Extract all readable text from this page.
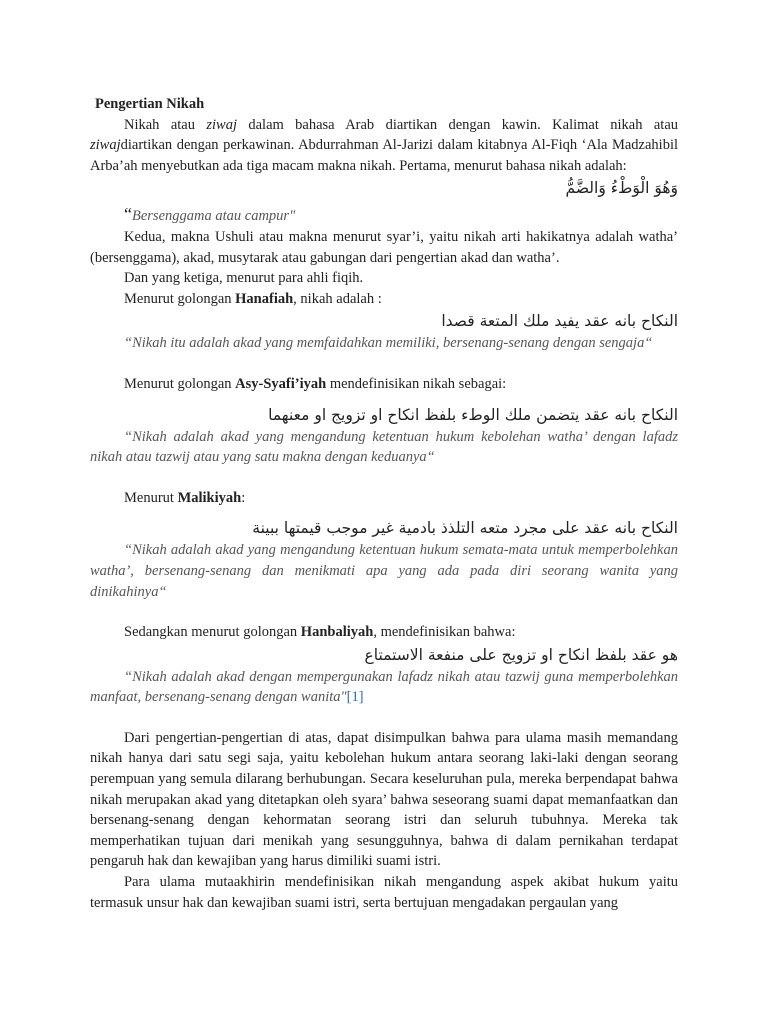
Pengertian Nikah

Nikah atau ziwaj dalam bahasa Arab diartikan dengan kawin. Kalimat nikah atau ziwajdiartikan dengan perkawinan. Abdurrahman Al-Jarizi dalam kitabnya Al-Fiqh ‘Ala Madzahibil Arba’ah menyebutkan ada tiga macam makna nikah. Pertama, menurut bahasa nikah adalah:

وَهُوَ الْوَطْءُ وَالضَّمُّ

“Bersenggama atau campur"

Kedua, makna Ushuli atau makna menurut syar’i, yaitu nikah arti hakikatnya adalah watha’ (bersenggama), akad, musytarak atau gabungan dari pengertian akad dan watha’.

Dan yang ketiga, menurut para ahli fiqih.

Menurut golongan Hanafiah, nikah adalah :

النكاح بانه عقد يفيد ملك المتعة قصدا

“Nikah itu adalah akad yang memfaidahkan memiliki, bersenang-senang dengan sengaja“

Menurut golongan Asy-Syafi’iyah mendefinisikan nikah sebagai:

النكاح بانه عقد يتضمن ملك الوطء بلفظ انكاح او تزويج او معنهما

“Nikah adalah akad yang mengandung ketentuan hukum kebolehan watha’ dengan lafadz nikah atau tazwij atau yang satu makna dengan keduanya“

Menurut Malikiyah:

النكاح بانه عقد على مجرد متعه التلذذ بادمية غير موجب قيمتها ببينة

“Nikah adalah akad yang mengandung ketentuan hukum semata-mata untuk memperbolehkan watha’, bersenang-senang dan menikmati apa yang ada pada diri seorang wanita yang dinikahinya“

Sedangkan menurut golongan Hanbaliyah, mendefinisikan bahwa:

هو عقد بلفظ انكاح او تزويج على منفعة الاستمتاع

“Nikah adalah akad dengan mempergunakan lafadz nikah atau tazwij guna memperbolehkan manfaat, bersenang-senang dengan wanita"[1]

Dari pengertian-pengertian di atas, dapat disimpulkan bahwa para ulama masih memandang nikah hanya dari satu segi saja, yaitu kebolehan hukum antara seorang laki-laki dengan seorang perempuan yang semula dilarang berhubungan. Secara keseluruhan pula, mereka berpendapat bahwa nikah merupakan akad yang ditetapkan oleh syara’ bahwa seseorang suami dapat memanfaatkan dan bersenang-senang dengan kehormatan seorang istri dan seluruh tubuhnya. Mereka tak memperhatikan tujuan dari menikah yang sesungguhnya, bahwa di dalam pernikahan terdapat pengaruh hak dan kewajiban yang harus dimiliki suami istri.

Para ulama mutaakhirin mendefinisikan nikah mengandung aspek akibat hukum yaitu termasuk unsur hak dan kewajiban suami istri, serta bertujuan mengadakan pergaulan yang
